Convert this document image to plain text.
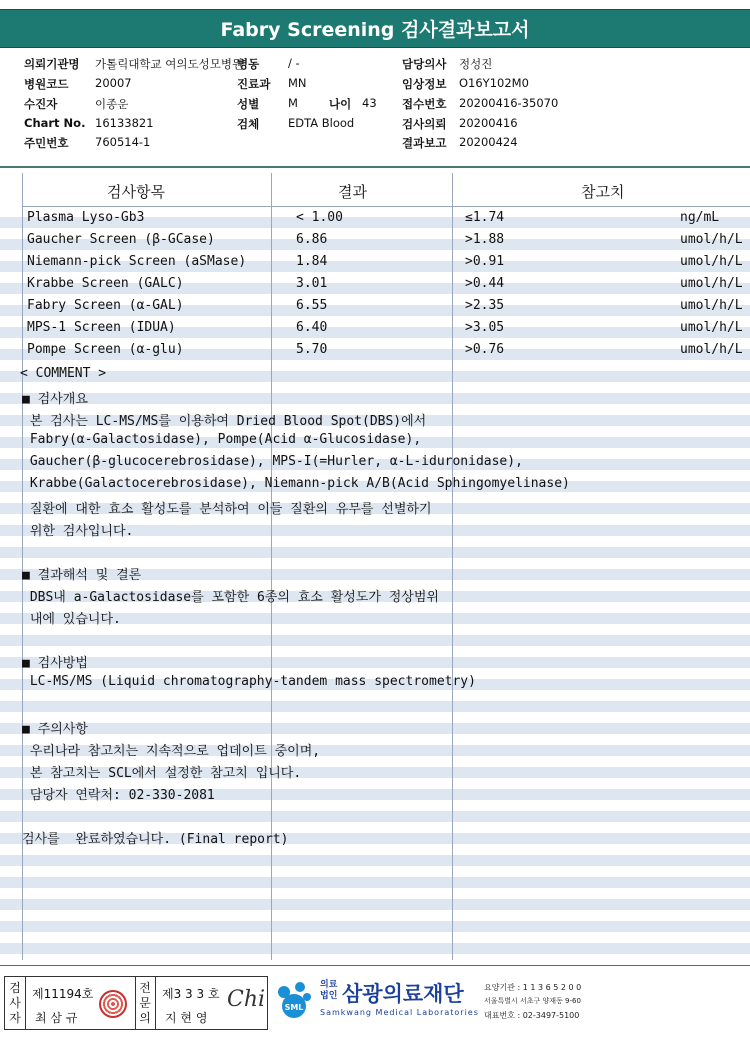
Fabry Screening 검사결과보고서
의뢰기관명 가톨릭대학교 여의도성모병원
병동	/ -	담당의사 정성진
병원코드 20007	진료과 MN	임상정보 O16Y102M0
수진자	이종운	성별	M	나이 43 접수번호 20200416-35070
Chart No. 16133821	검체	EDTA Blood	검사의뢰 20200416
주민번호 760514-1	결과보고 20200424
검사항목	결과	참고치
Plasma Lyso-Gb3	< 1.00	≤1.74	ng/mL
Gaucher Screen (β-GCase)	6.86	>1.88	umol/h/L
Niemann-pick Screen (aSMase)	1.84	>0.91	umol/h/L
Krabbe Screen (GALC)	3.01	>0.44	umol/h/L
Fabry Screen (α-GAL)	6.55	>2.35	umol/h/L
MPS-1 Screen (IDUA)	6.40	>3.05	umol/h/L
Pompe Screen (α-glu)	5.70	>0.76	umol/h/L

< COMMENT >

■ 검사개요

본 검사는 LC-MS/MS를 이용하여 Dried Blood Spot(DBS)에서

Fabry(α-Galactosidase), Pompe(Acid α-Glucosidase),

Gaucher(β-glucocerebrosidase), MPS-I(=Hurler, α-L-iduronidase),

Krabbe(Galactocerebrosidase), Niemann-pick A/B(Acid Sphingomyelinase)

질환에 대한 효소 활성도를 분석하여 이들 질환의 유무를 선별하기

위한 검사입니다.

■ 결과해석 및 결론

DBS내 a-Galactosidase를 포함한 6종의 효소 활성도가 정상범위

내에 있습니다.

■ 검사방법

LC-MS/MS (Liquid chromatography-tandem mass spectrometry)

■ 주의사항

우리나라 참고치는 지속적으로 업데이트 중이며,

본 참고치는 SCL에서 설정한 참고치 입니다.

담당자 연락처: 02-330-2081

검사를  완료하였습니다. (Final report)

검
사
자
제11194호
최 삼 규
전
문
의
제3 3 3 호
지 현 영
Chi SML
의료
법인 삼광의료재단
Samkwang Medical Laboratories
요양기관 : 1 1 3 6 5 2 0 0
서울특별시 서초구 양재동 9-60
대표번호 : 02-3497-5100
